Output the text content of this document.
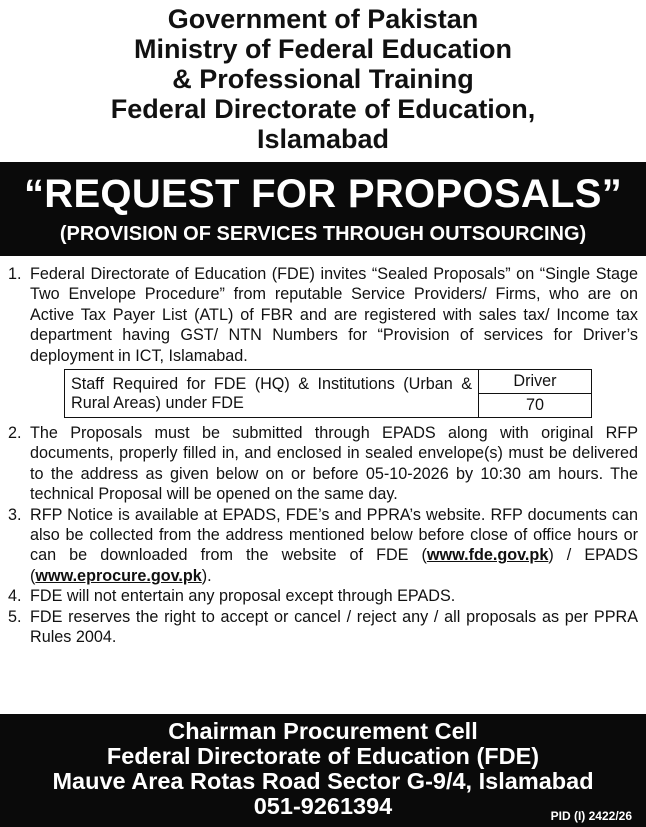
Government of Pakistan
Ministry of Federal Education
& Professional Training
Federal Directorate of Education,
Islamabad
“REQUEST FOR PROPOSALS”
(PROVISION OF SERVICES THROUGH OUTSOURCING)
1. Federal Directorate of Education (FDE) invites “Sealed Proposals” on “Single Stage Two Envelope Procedure” from reputable Service Providers/ Firms, who are on Active Tax Payer List (ATL) of FBR and are registered with sales tax/ Income tax department having GST/ NTN Numbers for “Provision of services for Driver’s deployment in ICT, Islamabad.
Staff Required for FDE (HQ) & Institutions (Urban & Rural Areas) under FDE	Driver
70
2. The Proposals must be submitted through EPADS along with original RFP documents, properly filled in, and enclosed in sealed envelope(s) must be delivered to the address as given below on or before 05-10-2026 by 10:30 am hours. The technical Proposal will be opened on the same day.
3. RFP Notice is available at EPADS, FDE’s and PPRA’s website. RFP documents can also be collected from the address mentioned below before close of office hours or can be downloaded from the website of FDE (www.fde.gov.pk) / EPADS (www.eprocure.gov.pk).
4. FDE will not entertain any proposal except through EPADS.
5. FDE reserves the right to accept or cancel / reject any / all proposals as per PPRA Rules 2004.
Chairman Procurement Cell
Federal Directorate of Education (FDE)
Mauve Area Rotas Road Sector G-9/4, Islamabad
051-9261394	PID (I) 2422/26
